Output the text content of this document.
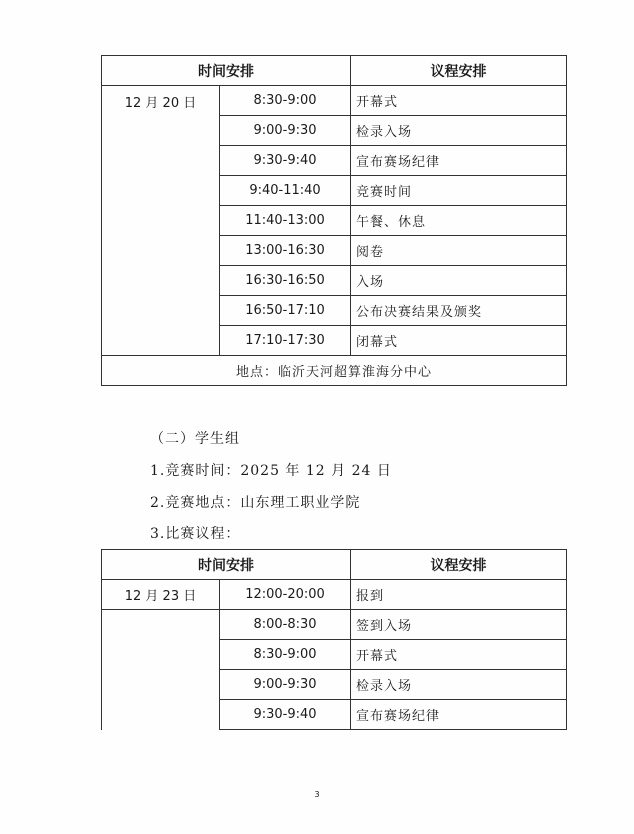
时间安排		议程安排
12 月 20 日	8:30-9:00	开幕式
	9:00-9:30	检录入场
	9:30-9:40	宣布赛场纪律
	9:40-11:40	竞赛时间
	11:40-13:00	午餐、休息
	13:00-16:30	阅卷
	16:30-16:50	入场
	16:50-17:10	公布决赛结果及颁奖
	17:10-17:30	闭幕式
地点：临沂天河超算淮海分中心		
（二）学生组
1.竞赛时间：2025 年 12 月 24 日
2.竞赛地点：山东理工职业学院
3.比赛议程：
时间安排		议程安排
12 月 23 日	12:00-20:00	报到
	8:00-8:30	签到入场
	8:30-9:00	开幕式
	9:00-9:30	检录入场
	9:30-9:40	宣布赛场纪律
3
